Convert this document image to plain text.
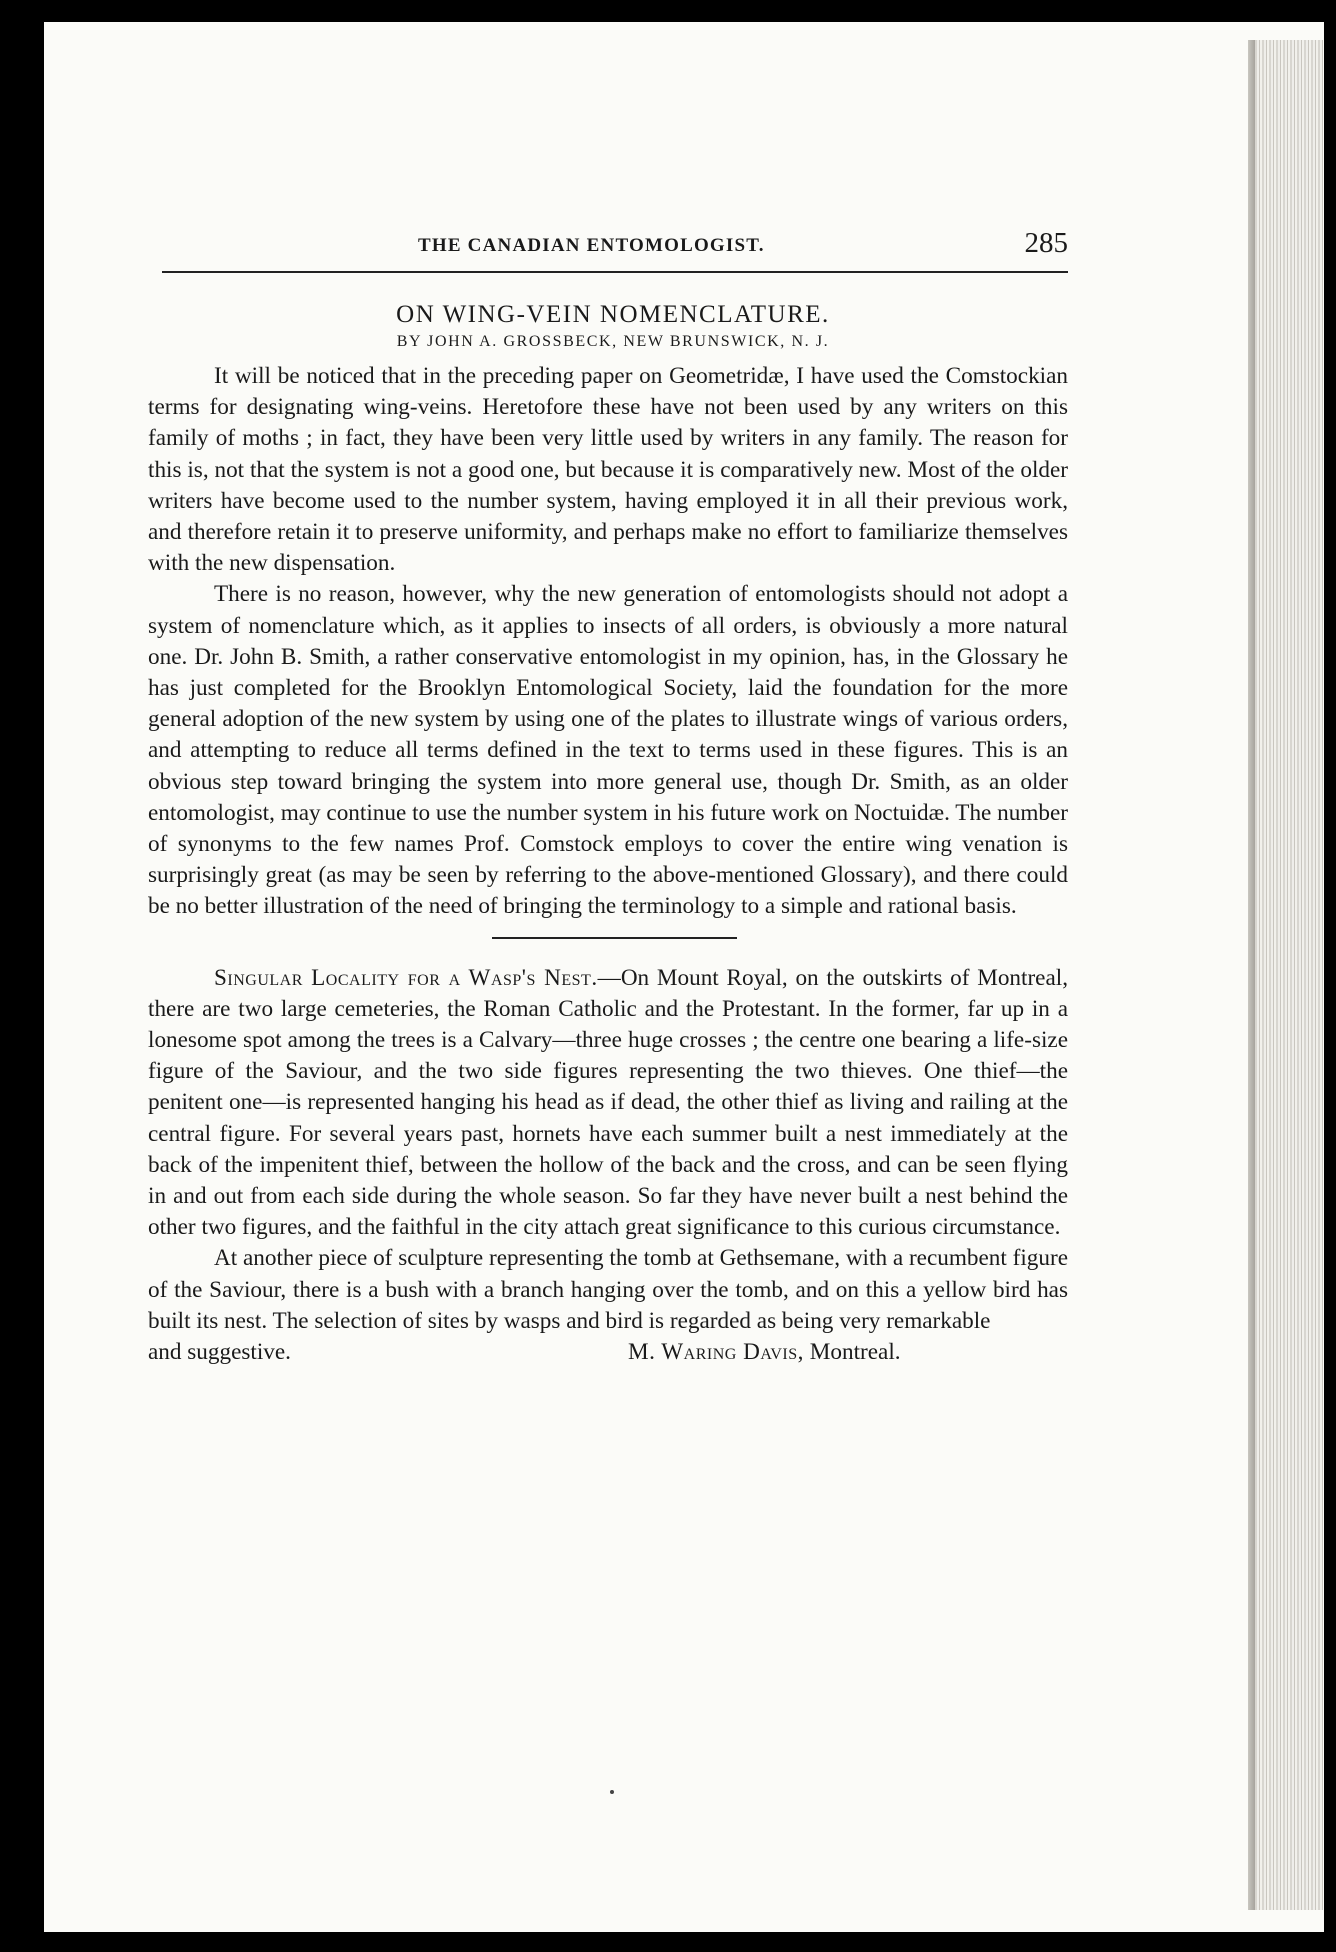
THE CANADIAN ENTOMOLOGIST.	285
ON WING-VEIN NOMENCLATURE.
BY JOHN A. GROSSBECK, NEW BRUNSWICK, N. J.

It will be noticed that in the preceding paper on Geometridæ, I have used the Comstockian terms for designating wing-veins. Heretofore these have not been used by any writers on this family of moths ; in fact, they have been very little used by writers in any family. The reason for this is, not that the system is not a good one, but because it is comparatively new. Most of the older writers have become used to the number system, having employed it in all their previous work, and therefore retain it to preserve uniformity, and perhaps make no effort to familiarize themselves with the new dispensation.

There is no reason, however, why the new generation of entomologists should not adopt a system of nomenclature which, as it applies to insects of all orders, is obviously a more natural one. Dr. John B. Smith, a rather conservative entomologist in my opinion, has, in the Glossary he has just completed for the Brooklyn Entomological Society, laid the foundation for the more general adoption of the new system by using one of the plates to illustrate wings of various orders, and attempting to reduce all terms defined in the text to terms used in these figures. This is an obvious step toward bringing the system into more general use, though Dr. Smith, as an older entomologist, may continue to use the number system in his future work on Noctuidæ. The number of synonyms to the few names Prof. Comstock employs to cover the entire wing venation is surprisingly great (as may be seen by referring to the above-mentioned Glossary), and there could be no better illustration of the need of bringing the terminology to a simple and rational basis.

Singular Locality for a Wasp's Nest.—On Mount Royal, on the outskirts of Montreal, there are two large cemeteries, the Roman Catholic and the Protestant. In the former, far up in a lonesome spot among the trees is a Calvary—three huge crosses ; the centre one bearing a life-size figure of the Saviour, and the two side figures representing the two thieves. One thief—the penitent one—is represented hanging his head as if dead, the other thief as living and railing at the central figure. For several years past, hornets have each summer built a nest immediately at the back of the impenitent thief, between the hollow of the back and the cross, and can be seen flying in and out from each side during the whole season. So far they have never built a nest behind the other two figures, and the faithful in the city attach great significance to this curious circumstance.

At another piece of sculpture representing the tomb at Gethsemane, with a recumbent figure of the Saviour, there is a bush with a branch hanging over the tomb, and on this a yellow bird has built its nest. The selection of sites by wasps and bird is regarded as being very remarkable

and suggestive.	M. Waring Davis, Montreal.
